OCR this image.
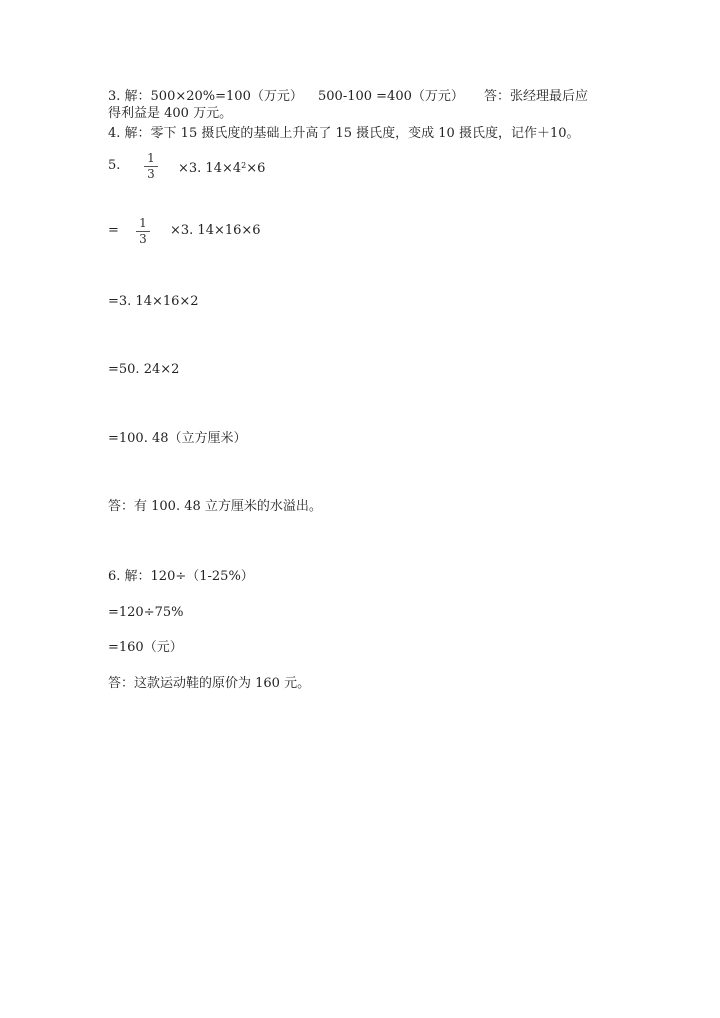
3. 解：500×20%=100（万元） 500-100 =400（万元） 答：张经理最后应
得利益是 400 万元。
4. 解：零下 15 摄氏度的基础上升高了 15 摄氏度，变成 10 摄氏度，记作＋10。
5. 1
3 ×3. $14\times 4^2\times 6$
= 1
3
×3. 14×16×6
=3. 14×16×2
=50. 24×2
=100. 48（立方厘米）
答：有 100. 48 立方厘米的水溢出。
6. 解：120÷（1-25%）
=120÷75%
=160（元）
答：这款运动鞋的原价为 160 元。
